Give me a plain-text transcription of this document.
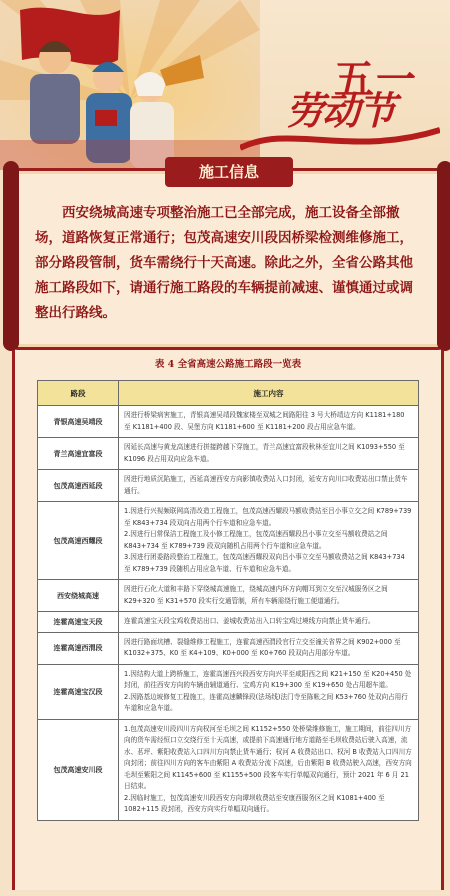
五一
劳动节
施工信息
西安绕城高速专项整治施工已全部完成，施工设备全部撤场，道路恢复正常通行；包茂高速安川段因桥梁检测维修施工，部分路段管制，货车需绕行十天高速。除此之外，全省公路其他施工路段如下，请通行施工路段的车辆提前减速、谨慎通过或调整出行路线。
表 4 全省高速公路施工路段一览表
路段	施工内容
青银高速吴靖段	因进行桥梁病害施工，青银高速吴靖段魏家楼至双城之间路阳往 3 号大桥靖边方向 K1181+180 至 K1181+400 段、吴堡方向 K1181+600 至 K1181+200 段占用应急车道。
青兰高速宜富段	因延长高速与黄龙高速进行拼接跨越下穿施工，青兰高速宜富段秋林至宜川之间 K1093+550 至 K1096 段占用双向应急车道。
包茂高速西延段	因进行地质沉陷施工，西延高速西安方向影镇收费站入口封闭，延安方向川口收费站出口禁止货车通行。
包茂高速西耀段	1.因进行兴视频联网高清改造工程施工，包茂高速西耀段马额收费站至吕小事立交之间 K789+739 至 K843+734 段双向占用两个行车道和应急车道。
2.因进行日常保洁工程施工及小修工程施工，包茂高速西耀段吕小事立交至马额收费站之间 K843+734 至 K789+739 段双向随机占用两个行车道和应急车道。
3.因进行团委路段整治工程施工，包茂高速西耀段双向吕小事立交至马额收费站之间 K843+734 至 K789+739 段随机占用应急车道、行车道和应急车道。
西安绕城高速	因进行石化大道和丰路下穿绕城高速施工，绕城高速内环方向帽耳到立交至汉城服务区之间 K29+320 至 K31+570 段实行交通管制，所有车辆需绕行施工便道通行。
连霍高速宝天段	连霍高速宝天段宝鸡收费站出口、姜城收费站出入口转宝鸡过境线方向禁止货车通行。
连霍高速西渭段	因进行路面坑槽、裂缝维修工程施工，连霍高速西渭段官行立交至潼关省界之间 K902+000 至 K1032+375、K0 至 K4+109、K0+000 至 K0+760 段双向占用部分车道。
连霍高速宝汉段	1.因结构大道上跨桥施工，连霍高速西兴段西安方向兴平至咸阳西之间 K21+150 至 K20+450 处封闭，前往西安方向的车辆由辅道通行、宝鸡方向 K19+300 至 K19+650 处占用超车道。
2.因路基边坡修复工程施工，连霍高速麟锋段(法场线)法门寺至陈帐之间 K53+760 处双向占用行车道和应急车道。
包茂高速安川段	1.包茂高速安川段四川方向权河至毛坝之间 K1152+550 处桥梁维修施工，施工期间，前往四川方向的货车需经恒口立交绕行至十天高速，或提前下高速通行地方道路至毛坝收费站后驶入高速，流水、茗坪、紫阳收费站入口四川方向禁止货车通行；权河 A 收费站出口、权河 B 收费站入口四川方向封闭；前往四川方向的客车由紫阳 A 收费站分流下高速，后由紫阳 B 收费站驶入高速，西安方向毛坝至紫阳之间 K1145+600 至 K1155+500 段客车实行单幅双向通行，预计 2021 年 6 月 21 日结束。
2.因临时施工，包茂高速安川段西安方向谭坝收费站至安康西服务区之间 K1081+400 至 1082+115 段封闭，西安方向实行单幅双向通行。
